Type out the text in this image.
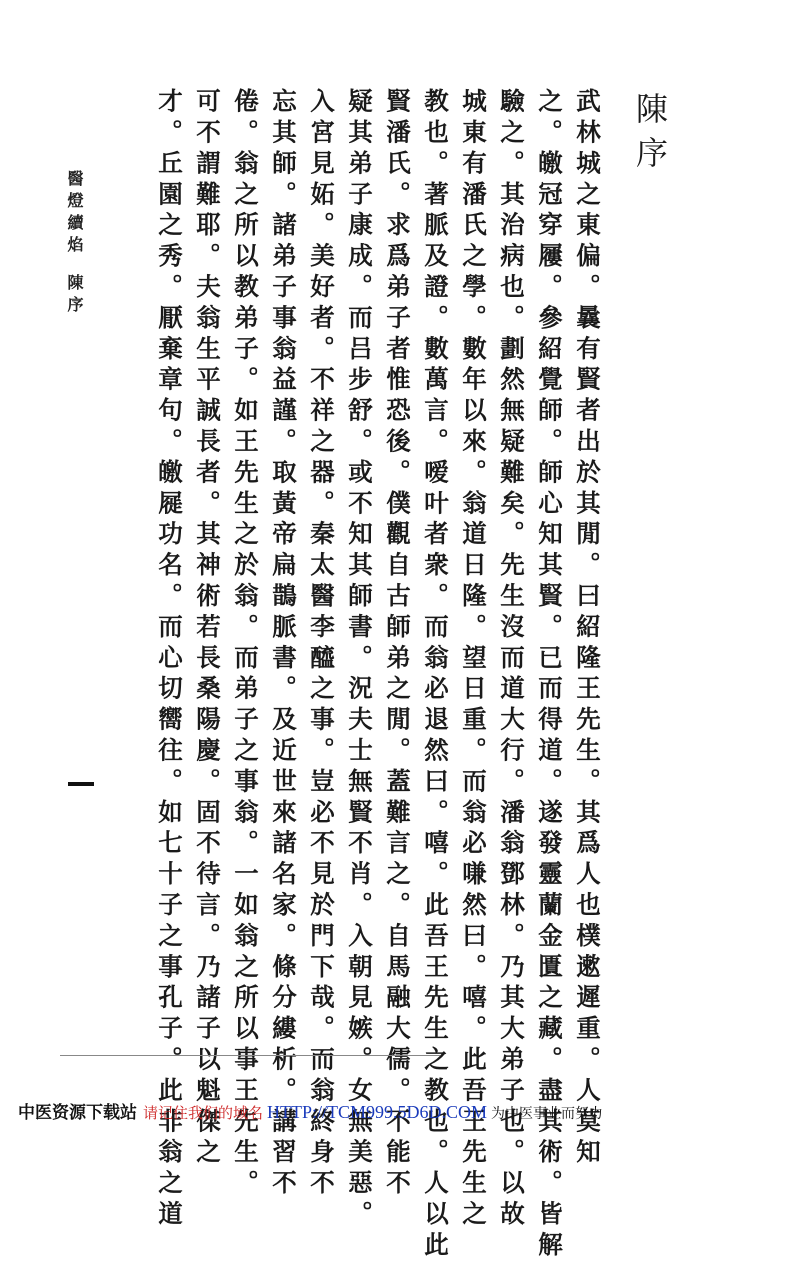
陳序
武林城之東偏。曩有賢者出於其閒。曰紹隆王先生。其爲人也樸遬遲重。人莫知
之。皦冠穿屨。參紹覺師。師心知其賢。已而得道。遂發靈蘭金匱之藏。盡其術。皆解
驗之。其治病也。劃然無疑難矣。先生沒而道大行。潘翁鄧林。乃其大弟子也。以故
城東有潘氏之學。數年以來。翁道日隆。望日重。而翁必嗛然曰。嘻。此吾王先生之
教也。著脈及證。數萬言。嗳叶者衆。而翁必退然曰。嘻。此吾王先生之教也。人以此
賢潘氏。求爲弟子者惟恐後。僕觀自古師弟之閒。蓋難言之。自馬融大儒。不能不
疑其弟子康成。而吕步舒。或不知其師書。況夫士無賢不肖。入朝見嫉。女無美惡。
入宮見妬。美好者。不祥之器。秦太醫李醯之事。豈必不見於門下哉。而翁終身不
忘其師。諸弟子事翁益謹。取黃帝扁鵲脈書。及近世來諸名家。條分縷析。講習不
倦。翁之所以教弟子。如王先生之於翁。而弟子之事翁。一如翁之所以事王先生。
可不謂難耶。夫翁生平誠長者。其神術若長桑陽慶。固不待言。乃諸子以魁傑之
才。丘園之秀。厭棄章句。皦屣功名。而心切嚮往。如七十子之事孔子。此非翁之道
醫燈續焰陳序
中医资源下载站 请记住我们的域名 HTTP://TCM999.5D6D.COM 为中医事业而努力
